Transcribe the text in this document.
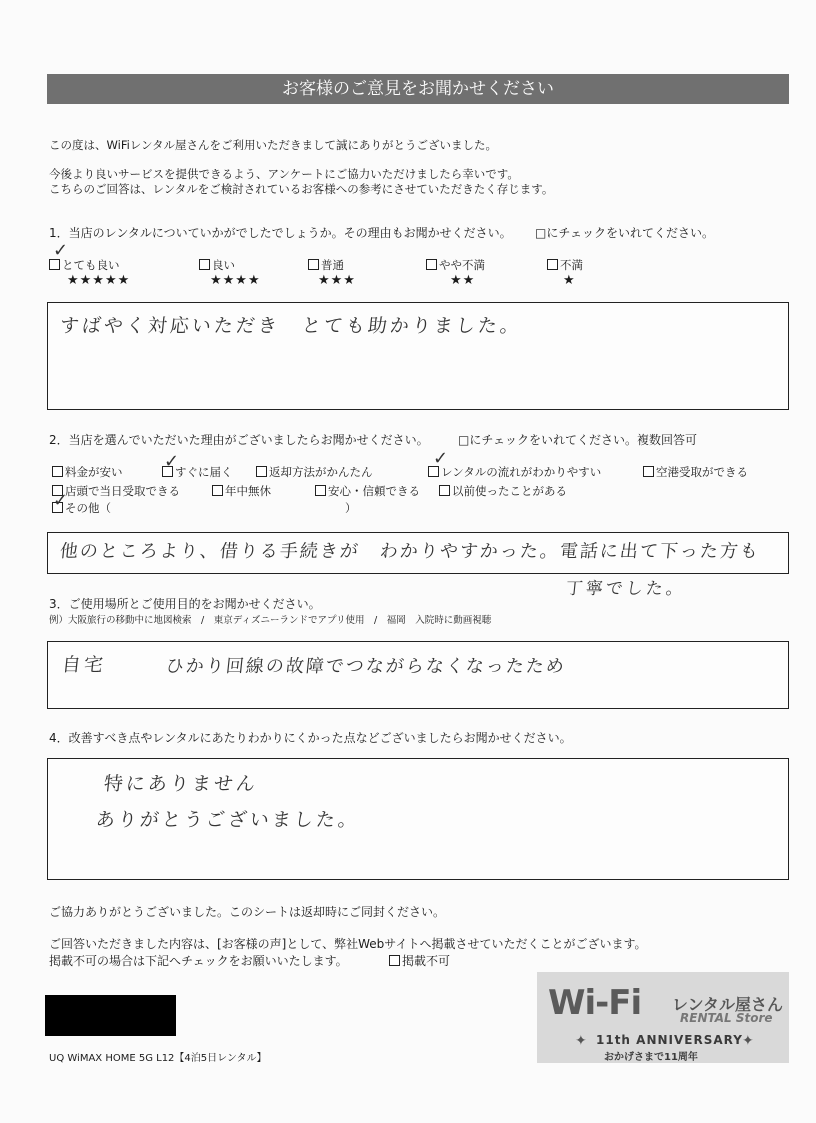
お客様のご意見をお聞かせください
この度は、WiFiレンタル屋さんをご利用いただきまして誠にありがとうございました。
今後より良いサービスを提供できるよう、アンケートにご協力いただけましたら幸いです。
こちらのご回答は、レンタルをご検討されているお客様への参考にさせていただきたく存じます。
1．当店のレンタルについていかがでしたでしょうか。その理由もお聞かせください。 □にチェックをいれてください。
とても良い
★★★★★
✓
良い
★★★★
普通
★★★
やや不満
★★
不満
★
すばやく対応いただき　とても助かりました。
2．当店を選んでいただいた理由がございましたらお聞かせください。 □にチェックをいれてください。複数回答可
料金が安い	すぐに届く
✓	返却方法がかんたん	レンタルの流れがわかりやすい
✓
空港受取ができる
店頭で当日受取できる	年中無休	安心・信頼できる	以前使ったことがある
その他（
✓	）
他のところより、借りる手続きが　わかりやすかった。電話に出て下った方も
丁寧でした。
3．ご使用場所とご使用目的をお聞かせください。
例）大阪旅行の移動中に地図検索　/　東京ディズニーランドでアプリ使用　/　福岡　入院時に動画視聴
自宅	ひかり回線の故障でつながらなくなったため
4．改善すべき点やレンタルにあたりわかりにくかった点などございましたらお聞かせください。
特にありません
ありがとうございました。
ご協力ありがとうございました。このシートは返却時にご同封ください。
ご回答いただきました内容は、[お客様の声]として、弊社Webサイトへ掲載させていただくことがございます。
掲載不可の場合は下記へチェックをお願いいたします。	掲載不可
UQ WiMAX HOME 5G L12【4泊5日レンタル】
Wi-Fi レンタル屋さん
RENTAL Store
11th ANNIVERSARY
おかげさまで11周年
✦	✦
